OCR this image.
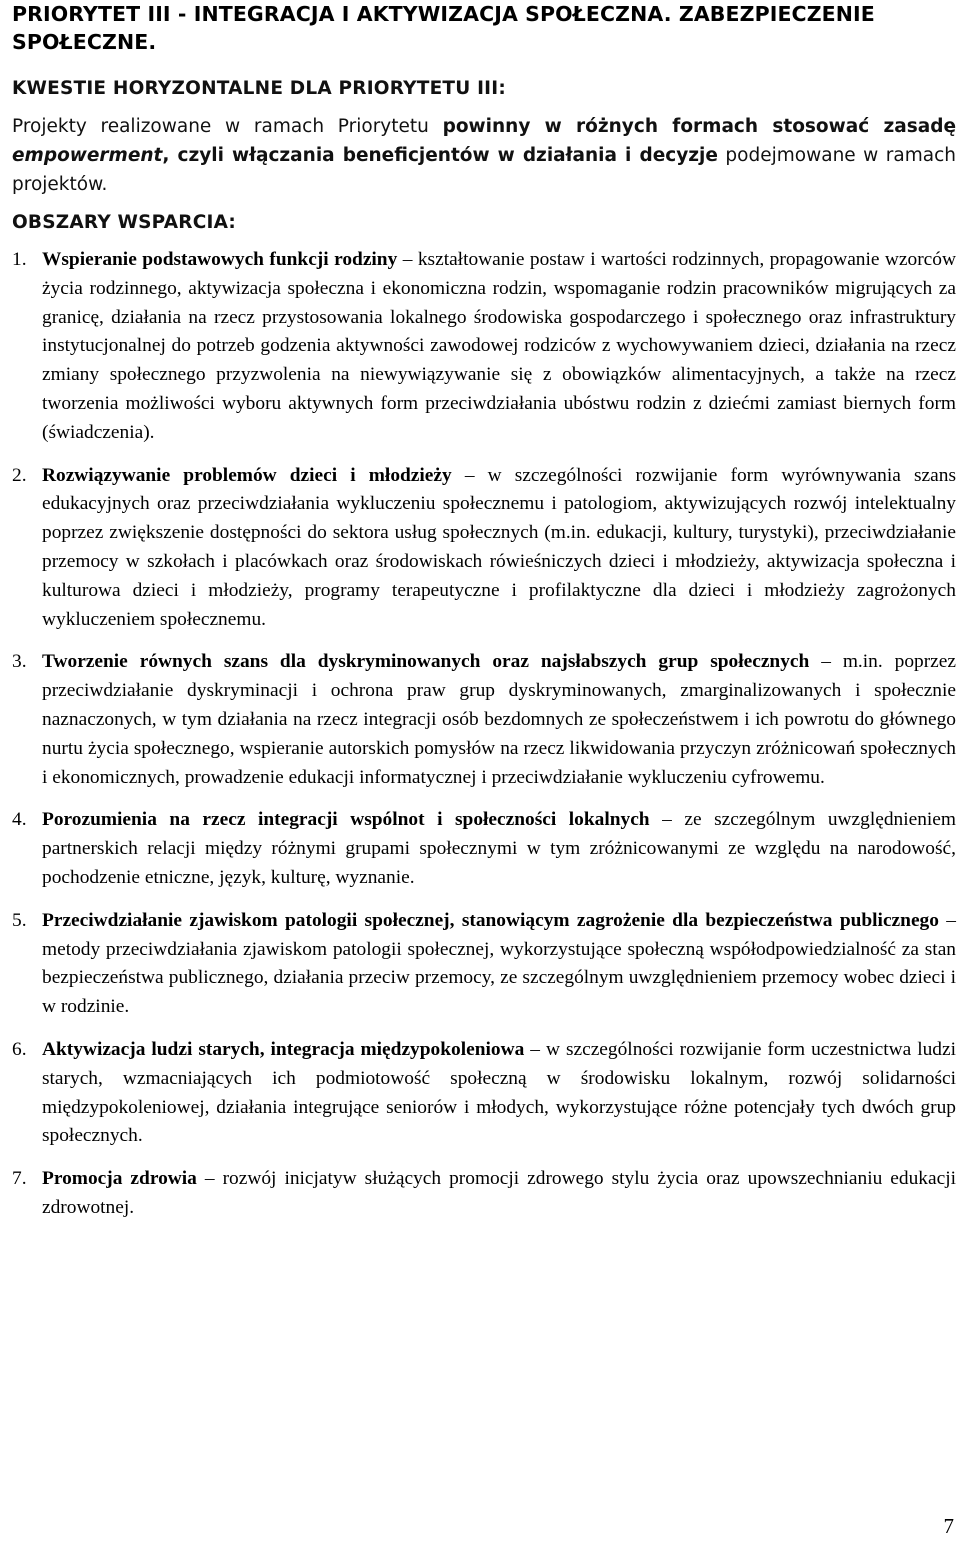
PRIORYTET III - INTEGRACJA I AKTYWIZACJA SPOŁECZNA. ZABEZPIECZENIE SPOŁECZNE.
KWESTIE HORYZONTALNE DLA PRIORYTETU III:

Projekty realizowane w ramach Priorytetu powinny w różnych formach stosować zasadę empowerment, czyli włączania beneficjentów w działania i decyzje podejmowane w ramach projektów.

OBSZARY WSPARCIA:
1. Wspieranie podstawowych funkcji rodziny – kształtowanie postaw i wartości rodzinnych, propagowanie wzorców życia rodzinnego, aktywizacja społeczna i ekonomiczna rodzin, wspomaganie rodzin pracowników migrujących za granicę, działania na rzecz przystosowania lokalnego środowiska gospodarczego i społecznego oraz infrastruktury instytucjonalnej do potrzeb godzenia aktywności zawodowej rodziców z wychowywaniem dzieci, działania na rzecz zmiany społecznego przyzwolenia na niewywiązywanie się z obowiązków alimentacyjnych, a także na rzecz tworzenia możliwości wyboru aktywnych form przeciwdziałania ubóstwu rodzin z dziećmi zamiast biernych form (świadczenia).
2. Rozwiązywanie problemów dzieci i młodzieży – w szczególności rozwijanie form wyrównywania szans edukacyjnych oraz przeciwdziałania wykluczeniu społecznemu i patologiom, aktywizujących rozwój intelektualny poprzez zwiększenie dostępności do sektora usług społecznych (m.in. edukacji, kultury, turystyki), przeciwdziałanie przemocy w szkołach i placówkach oraz środowiskach rówieśniczych dzieci i młodzieży, aktywizacja społeczna i kulturowa dzieci i młodzieży, programy terapeutyczne i profilaktyczne dla dzieci i młodzieży zagrożonych wykluczeniem społecznemu.
3. Tworzenie równych szans dla dyskryminowanych oraz najsłabszych grup społecznych – m.in. poprzez przeciwdziałanie dyskryminacji i ochrona praw grup dyskryminowanych, zmarginalizowanych i społecznie naznaczonych, w tym działania na rzecz integracji osób bezdomnych ze społeczeństwem i ich powrotu do głównego nurtu życia społecznego, wspieranie autorskich pomysłów na rzecz likwidowania przyczyn zróżnicowań społecznych i ekonomicznych, prowadzenie edukacji informatycznej i przeciwdziałanie wykluczeniu cyfrowemu.
4. Porozumienia na rzecz integracji wspólnot i społeczności lokalnych – ze szczególnym uwzględnieniem partnerskich relacji między różnymi grupami społecznymi w tym zróżnicowanymi ze względu na narodowość, pochodzenie etniczne, język, kulturę, wyznanie.
5. Przeciwdziałanie zjawiskom patologii społecznej, stanowiącym zagrożenie dla bezpieczeństwa publicznego – metody przeciwdziałania zjawiskom patologii społecznej, wykorzystujące społeczną współodpowiedzialność za stan bezpieczeństwa publicznego, działania przeciw przemocy, ze szczególnym uwzględnieniem przemocy wobec dzieci i w rodzinie.
6. Aktywizacja ludzi starych, integracja międzypokoleniowa – w szczególności rozwijanie form uczestnictwa ludzi starych, wzmacniających ich podmiotowość społeczną w środowisku lokalnym, rozwój solidarności międzypokoleniowej, działania integrujące seniorów i młodych, wykorzystujące różne potencjały tych dwóch grup społecznych.
7. Promocja zdrowia – rozwój inicjatyw służących promocji zdrowego stylu życia oraz upowszechnianiu edukacji zdrowotnej.
7
